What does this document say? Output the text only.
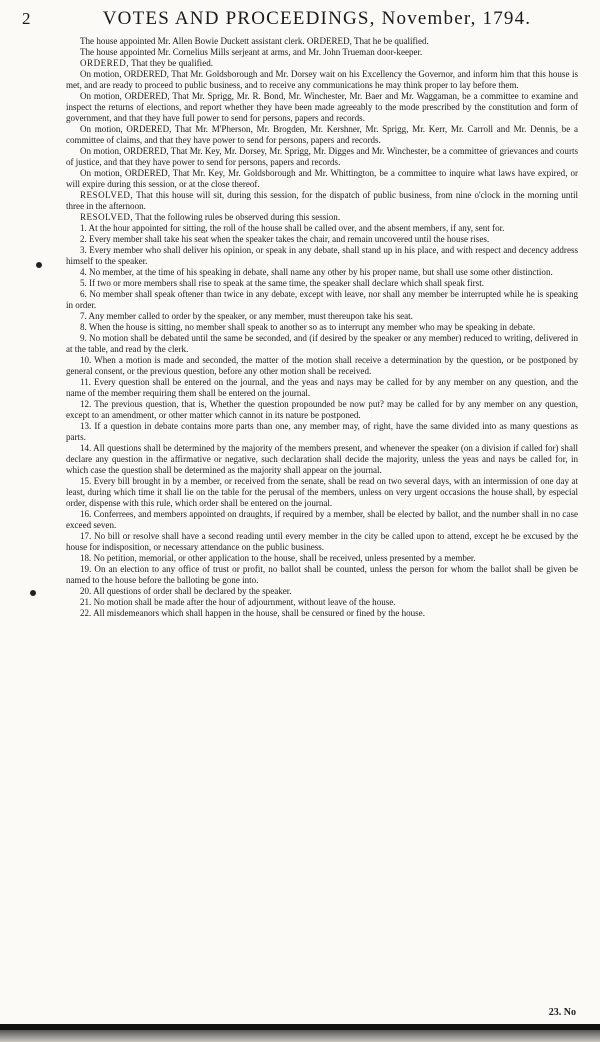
2	VOTES AND PROCEEDINGS, November, 1794.

The house appointed Mr. Allen Bowie Duckett assistant clerk. ORDERED, That he be qualified.

The house appointed Mr. Cornelius Mills serjeant at arms, and Mr. John Trueman door-keeper.

ORDERED, That they be qualified.

On motion, ORDERED, That Mr. Goldsborough and Mr. Dorsey wait on his Excellency the Governor, and inform him that this house is met, and are ready to proceed to public business, and to receive any communications he may think proper to lay before them.

On motion, ORDERED, That Mr. Sprigg, Mr. R. Bond, Mr. Winchester, Mr. Baer and Mr. Waggaman, be a committee to examine and inspect the returns of elections, and report whether they have been made agreeably to the mode prescribed by the constitution and form of government, and that they have full power to send for persons, papers and records.

On motion, ORDERED, That Mr. M'Pherson, Mr. Brogden, Mr. Kershner, Mr. Sprigg, Mr. Kerr, Mr. Carroll and Mr. Dennis, be a committee of claims, and that they have power to send for persons, papers and records.

On motion, ORDERED, That Mr. Key, Mr. Dorsey, Mr. Sprigg, Mr. Digges and Mr. Winchester, be a committee of grievances and courts of justice, and that they have power to send for persons, papers and records.

On motion, ORDERED, That Mr. Key, Mr. Goldsborough and Mr. Whittington, be a committee to inquire what laws have expired, or will expire during this session, or at the close thereof.

RESOLVED, That this house will sit, during this session, for the dispatch of public business, from nine o'clock in the morning until three in the afternoon.

RESOLVED, That the following rules be observed during this session.

1. At the hour appointed for sitting, the roll of the house shall be called over, and the absent members, if any, sent for.

2. Every member shall take his seat when the speaker takes the chair, and remain uncovered until the house rises.

3. Every member who shall deliver his opinion, or speak in any debate, shall stand up in his place, and with respect and decency address himself to the speaker.

4. No member, at the time of his speaking in debate, shall name any other by his proper name, but shall use some other distinction.

5. If two or more members shall rise to speak at the same time, the speaker shall declare which shall speak first.

6. No member shall speak oftener than twice in any debate, except with leave, nor shall any member be interrupted while he is speaking in order.

7. Any member called to order by the speaker, or any member, must thereupon take his seat.

8. When the house is sitting, no member shall speak to another so as to interrupt any member who may be speaking in debate.

9. No motion shall be debated until the same be seconded, and (if desired by the speaker or any member) reduced to writing, delivered in at the table, and read by the clerk.

10. When a motion is made and seconded, the matter of the motion shall receive a determination by the question, or be postponed by general consent, or the previous question, before any other motion shall be received.

11. Every question shall be entered on the journal, and the yeas and nays may be called for by any member on any question, and the name of the member requiring them shall be entered on the journal.

12. The previous question, that is, Whether the question propounded be now put? may be called for by any member on any question, except to an amendment, or other matter which cannot in its nature be postponed.

13. If a question in debate contains more parts than one, any member may, of right, have the same divided into as many questions as parts.

14. All questions shall be determined by the majority of the members present, and whenever the speaker (on a division if called for) shall declare any question in the affirmative or negative, such declaration shall decide the majority, unless the yeas and nays be called for, in which case the question shall be determined as the majority shall appear on the journal.

15. Every bill brought in by a member, or received from the senate, shall be read on two several days, with an intermission of one day at least, during which time it shall lie on the table for the perusal of the members, unless on very urgent occasions the house shall, by especial order, dispense with this rule, which order shall be entered on the journal.

16. Conferrees, and members appointed on draughts, if required by a member, shall be elected by ballot, and the number shall in no case exceed seven.

17. No bill or resolve shall have a second reading until every member in the city be called upon to attend, except he be excused by the house for indisposition, or necessary attendance on the public business.

18. No petition, memorial, or other application to the house, shall be received, unless presented by a member.

19. On an election to any office of trust or profit, no ballot shall be counted, unless the person for whom the ballot shall be given be named to the house before the balloting be gone into.

20. All questions of order shall be declared by the speaker.

21. No motion shall be made after the hour of adjournment, without leave of the house.

22. All misdemeanors which shall happen in the house, shall be censured or fined by the house.

23. No
